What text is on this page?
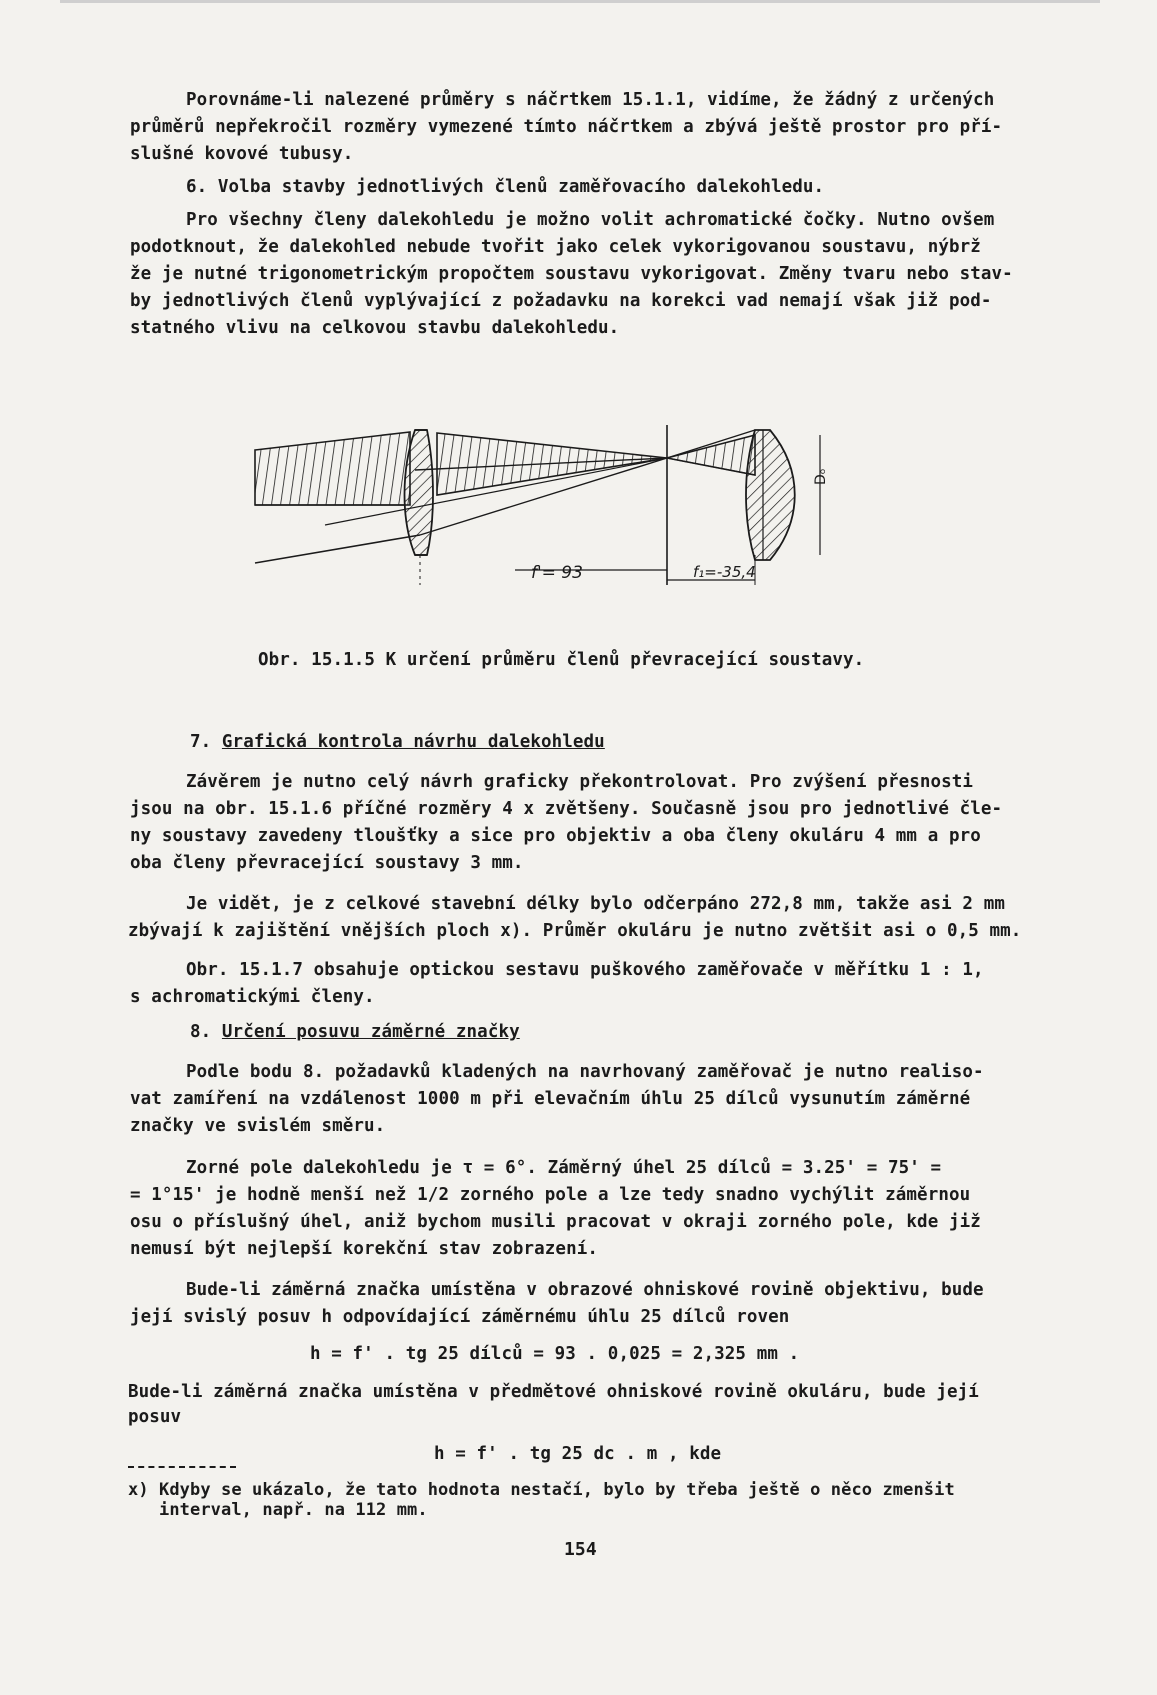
Porovnáme-li nalezené průměry s náčrtkem 15.1.1, vidíme, že žádný z určených

průměrů nepřekročil rozměry vymezené tímto náčrtkem a zbývá ještě prostor pro pří-

slušné kovové tubusy.

6. Volba stavby jednotlivých členů zaměřovacího dalekohledu.

Pro všechny členy dalekohledu je možno volit achromatické čočky. Nutno ovšem

podotknout, že dalekohled nebude tvořit jako celek vykorigovanou soustavu, nýbrž

že je nutné trigonometrickým propočtem soustavu vykorigovat. Změny tvaru nebo stav-

by jednotlivých členů vyplývající z požadavku na korekci vad nemají však již pod-

statného vlivu na celkovou stavbu dalekohledu.

Dₒ
f'= 93	f₁=-35,4

Obr. 15.1.5 K určení průměru členů převracející soustavy.

7. Grafická kontrola návrhu dalekohledu

Závěrem je nutno celý návrh graficky překontrolovat. Pro zvýšení přesnosti

jsou na obr. 15.1.6 příčné rozměry 4 x zvětšeny. Současně jsou pro jednotlivé čle-

ny soustavy zavedeny tloušťky a sice pro objektiv a oba členy okuláru 4 mm a pro

oba členy převracející soustavy 3 mm.

Je vidět, je z celkové stavební délky bylo odčerpáno 272,8 mm, takže asi 2 mm

zbývají k zajištění vnějších ploch x). Průměr okuláru je nutno zvětšit asi o 0,5 mm.

Obr. 15.1.7 obsahuje optickou sestavu puškového zaměřovače v měřítku 1 : 1,

s achromatickými členy.

8. Určení posuvu záměrné značky

Podle bodu 8. požadavků kladených na navrhovaný zaměřovač je nutno realiso-

vat zamíření na vzdálenost 1000 m při elevačním úhlu 25 dílců vysunutím záměrné

značky ve svislém směru.

Zorné pole dalekohledu je τ = 6°. Záměrný úhel 25 dílců = 3.25' = 75' =

= 1°15' je hodně menší než 1/2 zorného pole a lze tedy snadno vychýlit záměrnou

osu o příslušný úhel, aniž bychom musili pracovat v okraji zorného pole, kde již

nemusí být nejlepší korekční stav zobrazení.

Bude-li záměrná značka umístěna v obrazové ohniskové rovině objektivu, bude

její svislý posuv h odpovídající záměrnému úhlu 25 dílců roven

h = f' . tg 25 dílců = 93 . 0,025 = 2,325 mm .

Bude-li záměrná značka umístěna v předmětové ohniskové rovině okuláru, bude její

posuv

h = f' . tg 25 dc . m , kde

x) Kdyby se ukázalo, že tato hodnota nestačí, bylo by třeba ještě o něco zmenšit

interval, např. na 112 mm.

154
